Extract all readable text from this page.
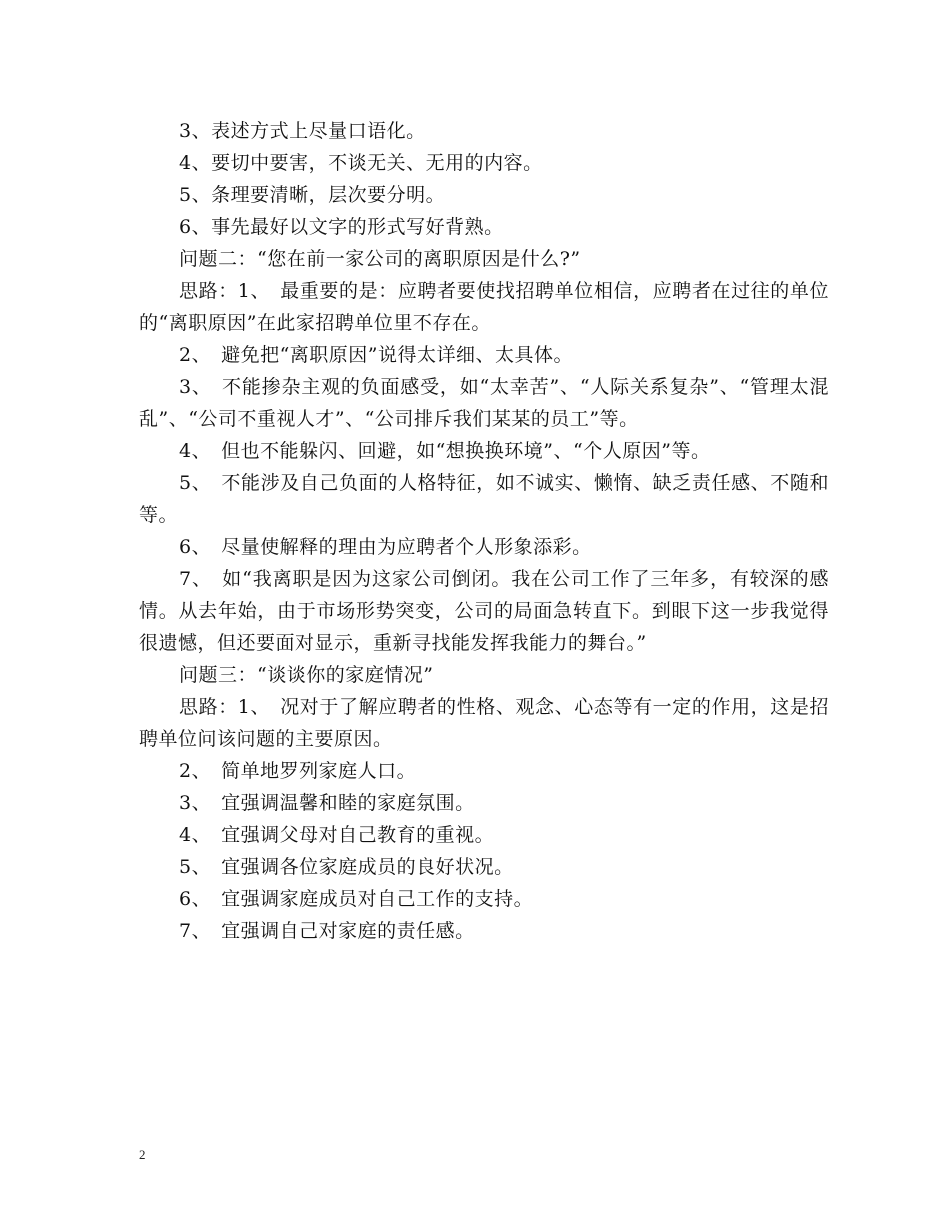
3、表述方式上尽量口语化。

4、要切中要害，不谈无关、无用的内容。

5、条理要清晰，层次要分明。

6、事先最好以文字的形式写好背熟。

问题二：“您在前一家公司的离职原因是什么?”

思路：1、　最重要的是：应聘者要使找招聘单位相信，应聘者在过往的单位的“离职原因”在此家招聘单位里不存在。

2、　避免把“离职原因”说得太详细、太具体。

3、　不能掺杂主观的负面感受，如“太幸苦”、“人际关系复杂”、“管理太混乱”、“公司不重视人才”、“公司排斥我们某某的员工”等。

4、　但也不能躲闪、回避，如“想换换环境”、“个人原因”等。

5、　不能涉及自己负面的人格特征，如不诚实、懒惰、缺乏责任感、不随和等。

6、　尽量使解释的理由为应聘者个人形象添彩。

7、　如“我离职是因为这家公司倒闭。我在公司工作了三年多，有较深的感情。从去年始，由于市场形势突变，公司的局面急转直下。到眼下这一步我觉得很遗憾，但还要面对显示，重新寻找能发挥我能力的舞台。”

问题三：“谈谈你的家庭情况”

思路：1、　况对于了解应聘者的性格、观念、心态等有一定的作用，这是招聘单位问该问题的主要原因。

2、　简单地罗列家庭人口。

3、　宜强调温馨和睦的家庭氛围。

4、　宜强调父母对自己教育的重视。

5、　宜强调各位家庭成员的良好状况。

6、　宜强调家庭成员对自己工作的支持。

7、　宜强调自己对家庭的责任感。

2
